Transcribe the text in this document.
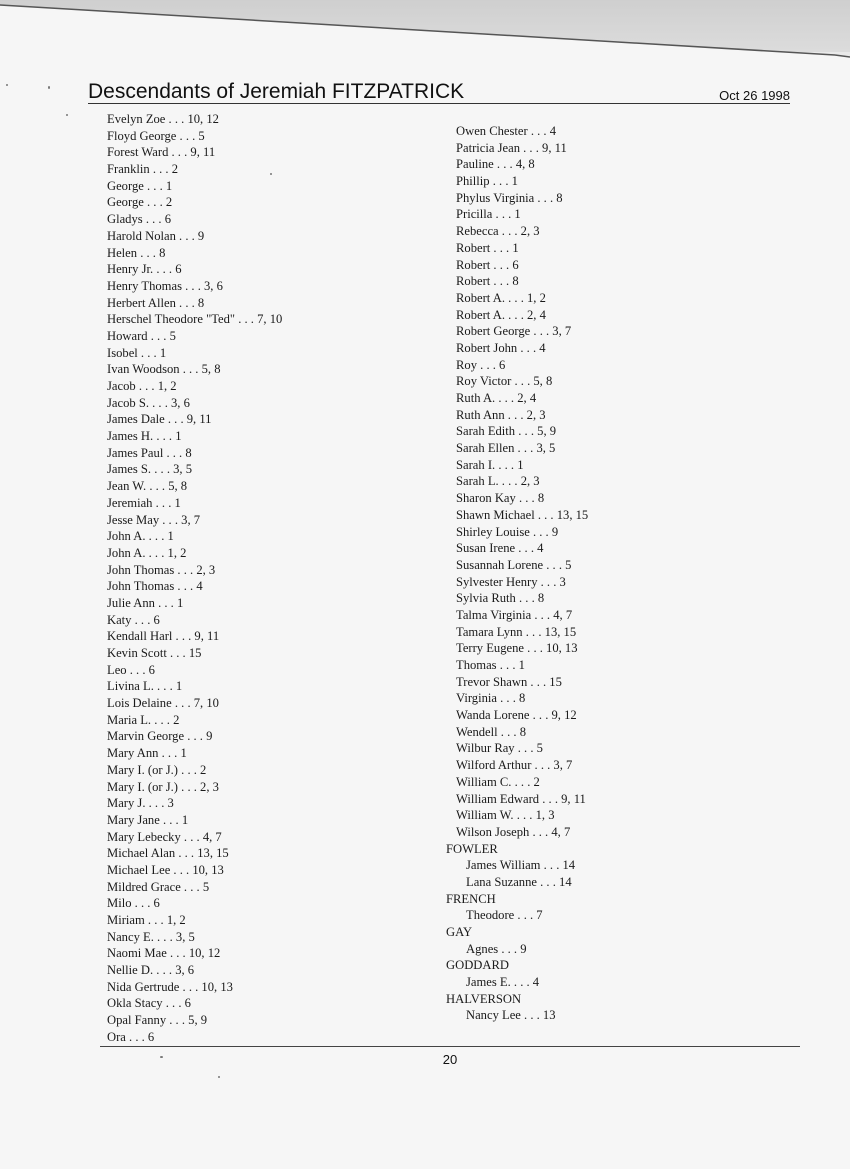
Descendants of Jeremiah FITZPATRICK	Oct 26 1998
Evelyn Zoe . . . 10, 12
Floyd George . . . 5
Forest Ward . . . 9, 11
Franklin . . . 2
George . . . 1
George . . . 2
Gladys . . . 6
Harold Nolan . . . 9
Helen . . . 8
Henry Jr. . . . 6
Henry Thomas . . . 3, 6
Herbert Allen . . . 8
Herschel Theodore "Ted" . . . 7, 10
Howard . . . 5
Isobel . . . 1
Ivan Woodson . . . 5, 8
Jacob . . . 1, 2
Jacob S. . . . 3, 6
James Dale . . . 9, 11
James H. . . . 1
James Paul . . . 8
James S. . . . 3, 5
Jean W. . . . 5, 8
Jeremiah . . . 1
Jesse May . . . 3, 7
John A. . . . 1
John A. . . . 1, 2
John Thomas . . . 2, 3
John Thomas . . . 4
Julie Ann . . . 1
Katy . . . 6
Kendall Harl . . . 9, 11
Kevin Scott . . . 15
Leo . . . 6
Livina L. . . . 1
Lois Delaine . . . 7, 10
Maria L. . . . 2
Marvin George . . . 9
Mary Ann . . . 1
Mary I. (or J.) . . . 2
Mary I. (or J.) . . . 2, 3
Mary J. . . . 3
Mary Jane . . . 1
Mary Lebecky . . . 4, 7
Michael Alan . . . 13, 15
Michael Lee . . . 10, 13
Mildred Grace . . . 5
Milo . . . 6
Miriam . . . 1, 2
Nancy E. . . . 3, 5
Naomi Mae . . . 10, 12
Nellie D. . . . 3, 6
Nida Gertrude . . . 10, 13
Okla Stacy . . . 6
Opal Fanny . . . 5, 9
Ora . . . 6
Owen Chester . . . 4
Patricia Jean . . . 9, 11
Pauline . . . 4, 8
Phillip . . . 1
Phylus Virginia . . . 8
Pricilla . . . 1
Rebecca . . . 2, 3
Robert . . . 1
Robert . . . 6
Robert . . . 8
Robert A. . . . 1, 2
Robert A. . . . 2, 4
Robert George . . . 3, 7
Robert John . . . 4
Roy . . . 6
Roy Victor . . . 5, 8
Ruth A. . . . 2, 4
Ruth Ann . . . 2, 3
Sarah Edith . . . 5, 9
Sarah Ellen . . . 3, 5
Sarah I. . . . 1
Sarah L. . . . 2, 3
Sharon Kay . . . 8
Shawn Michael . . . 13, 15
Shirley Louise . . . 9
Susan Irene . . . 4
Susannah Lorene . . . 5
Sylvester Henry . . . 3
Sylvia Ruth . . . 8
Talma Virginia . . . 4, 7
Tamara Lynn . . . 13, 15
Terry Eugene . . . 10, 13
Thomas . . . 1
Trevor Shawn . . . 15
Virginia . . . 8
Wanda Lorene . . . 9, 12
Wendell . . . 8
Wilbur Ray . . . 5
Wilford Arthur . . . 3, 7
William C. . . . 2
William Edward . . . 9, 11
William W. . . . 1, 3
Wilson Joseph . . . 4, 7
FOWLER
James William . . . 14
Lana Suzanne . . . 14
FRENCH
Theodore . . . 7
GAY
Agnes . . . 9
GODDARD
James E. . . . 4
HALVERSON
Nancy Lee . . . 13
20
